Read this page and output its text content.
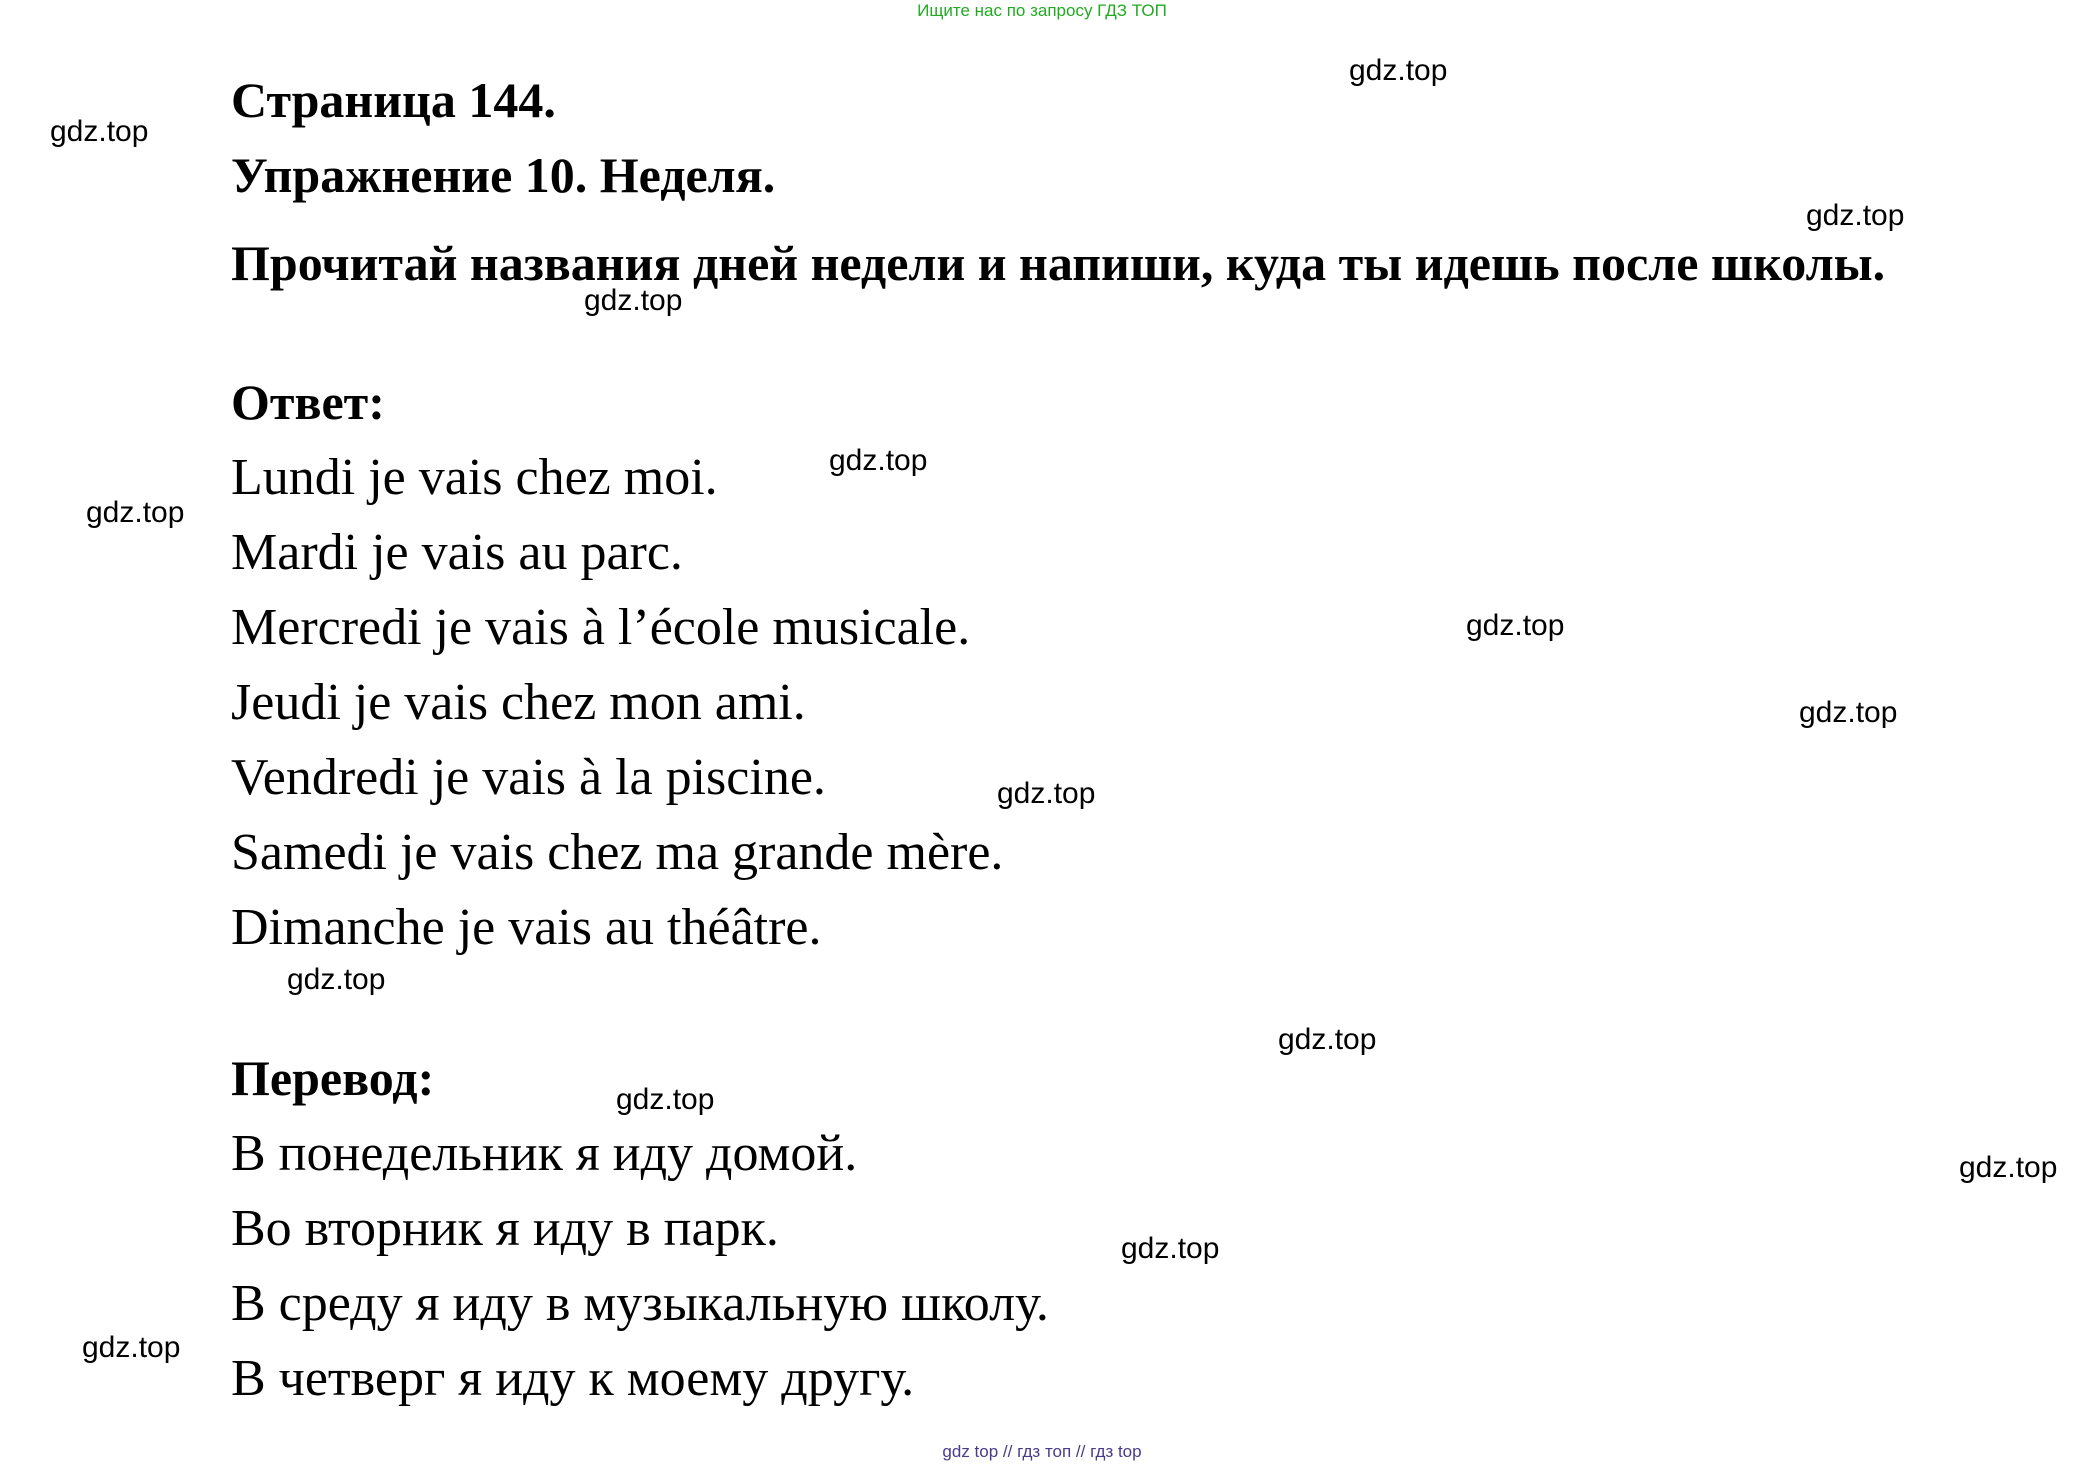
Ищите нас по запросу ГДЗ ТОП
Страница 144.
Упражнение 10. Неделя.
Прочитай названия дней недели и напиши, куда ты идешь после школы.
Ответ:
Lundi je vais chez moi.
Mardi je vais au parc.
Mercredi je vais à l’école musicale.
Jeudi je vais chez mon ami.
Vendredi je vais à la piscine.
Samedi je vais chez ma grande mère.
Dimanche je vais au théâtre.
Перевод:
В понедельник я иду домой.
Во вторник я иду в парк.
В среду я иду в музыкальную школу.
В четверг я иду к моему другу.
gdz.top
gdz.top
gdz.top
gdz.top
gdz.top
gdz.top
gdz.top
gdz.top
gdz.top
gdz.top
gdz.top
gdz.top
gdz.top
gdz.top
gdz.top
gdz top // гдз топ // гдз top
